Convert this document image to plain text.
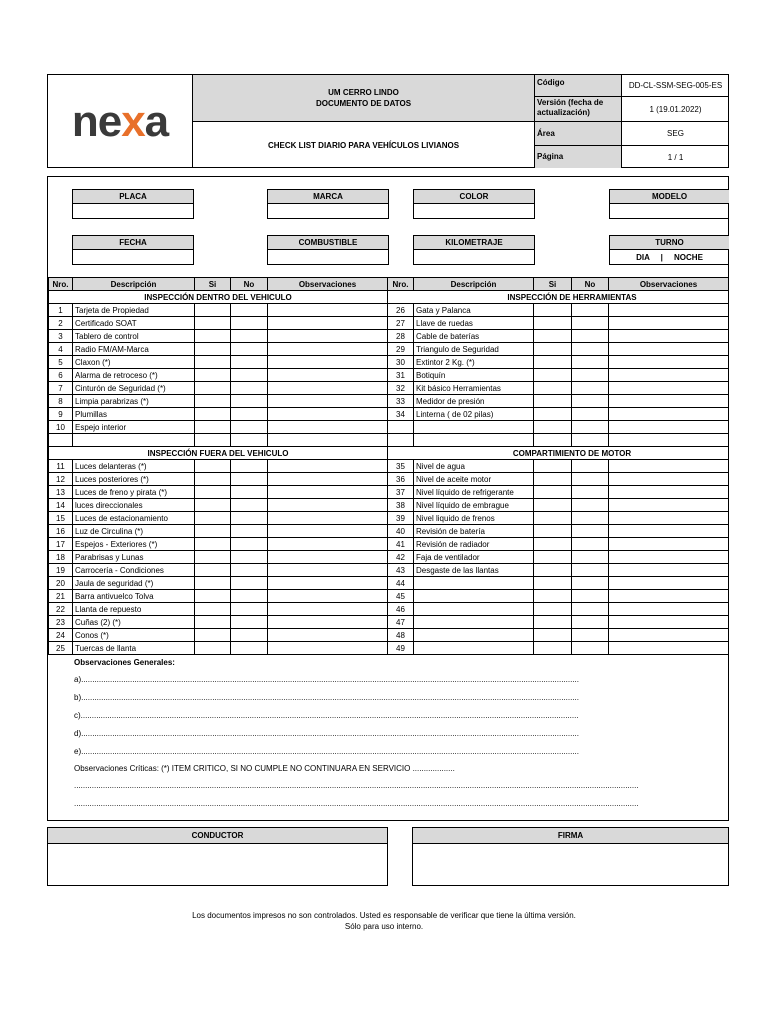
nexa
UM CERRO LINDO
DOCUMENTO DE DATOS
CHECK LIST DIARIO PARA VEHÍCULOS LIVIANOS
Código	DD-CL-SSM-SEG-005-ES
Versión (fecha de actualización)	1 (19.01.2022)
Área	SEG
Página	1 / 1
PLACA	MARCA	COLOR	MODELO
FECHA	COMBUSTIBLE	KILOMETRAJE	TURNO
DIA     |     NOCHE
Nro.	Descripción	Si	No	Observaciones	Nro.	Descripción	Si	No	Observaciones
INSPECCIÓN DENTRO DEL VEHICULO					INSPECCIÓN DE HERRAMIENTAS				
1	Tarjeta de Propiedad				26	Gata y Palanca			
2	Certificado SOAT				27	Llave de ruedas			
3	Tablero de control				28	Cable de baterías			
4	Radio FM/AM-Marca				29	Triangulo de Seguridad			
5	Claxon (*)				30	Extintor 2 Kg. (*)			
6	Alarma de retroceso (*)				31	Botiquín			
7	Cinturón de Seguridad (*)				32	Kit básico Herramientas			
8	Limpia parabrizas (*)				33	Medidor de presión			
9	Plumillas				34	Linterna ( de 02 pilas)			
10	Espejo interior								

INSPECCIÓN FUERA DEL VEHICULO					COMPARTIMIENTO DE MOTOR				
11	Luces delanteras (*)				35	Nivel de agua			
12	Luces posteriores (*)				36	Nivel de aceite motor			
13	Luces de freno y pirata (*)				37	Nivel líquido de refrigerante			
14	luces direccionales				38	Nivel líquido de embrague			
15	Luces de estacionamiento				39	Nivel liquido de frenos			
16	Luz de Circulina (*)				40	Revisión de batería			
17	Espejos - Exteriores (*)				41	Revisión de radiador			
18	Parabrisas y Lunas				42	Faja de ventilador			
19	Carrocería - Condiciones				43	Desgaste de las llantas			
20	Jaula de seguridad (*)				44				
21	Barra antivuelco Tolva				45				
22	Llanta de repuesto				46				
23	Cuñas (2) (*)				47				
24	Conos (*)				48				
25	Tuercas de llanta				49				
Observaciones Generales:
a)................................................................................................................................................................................................................................
b)................................................................................................................................................................................................................................
c)................................................................................................................................................................................................................................
d)................................................................................................................................................................................................................................
e)................................................................................................................................................................................................................................
Observaciones Críticas: (*) ITEM CRITICO, SI NO CUMPLE NO CONTINUARA EN SERVICIO ...................
..............................................................................................................................................................................................................................................................
..............................................................................................................................................................................................................................................................
CONDUCTOR	FIRMA
Los documentos impresos no son controlados. Usted es responsable de verificar que tiene la última versión.
Sólo para uso interno.
